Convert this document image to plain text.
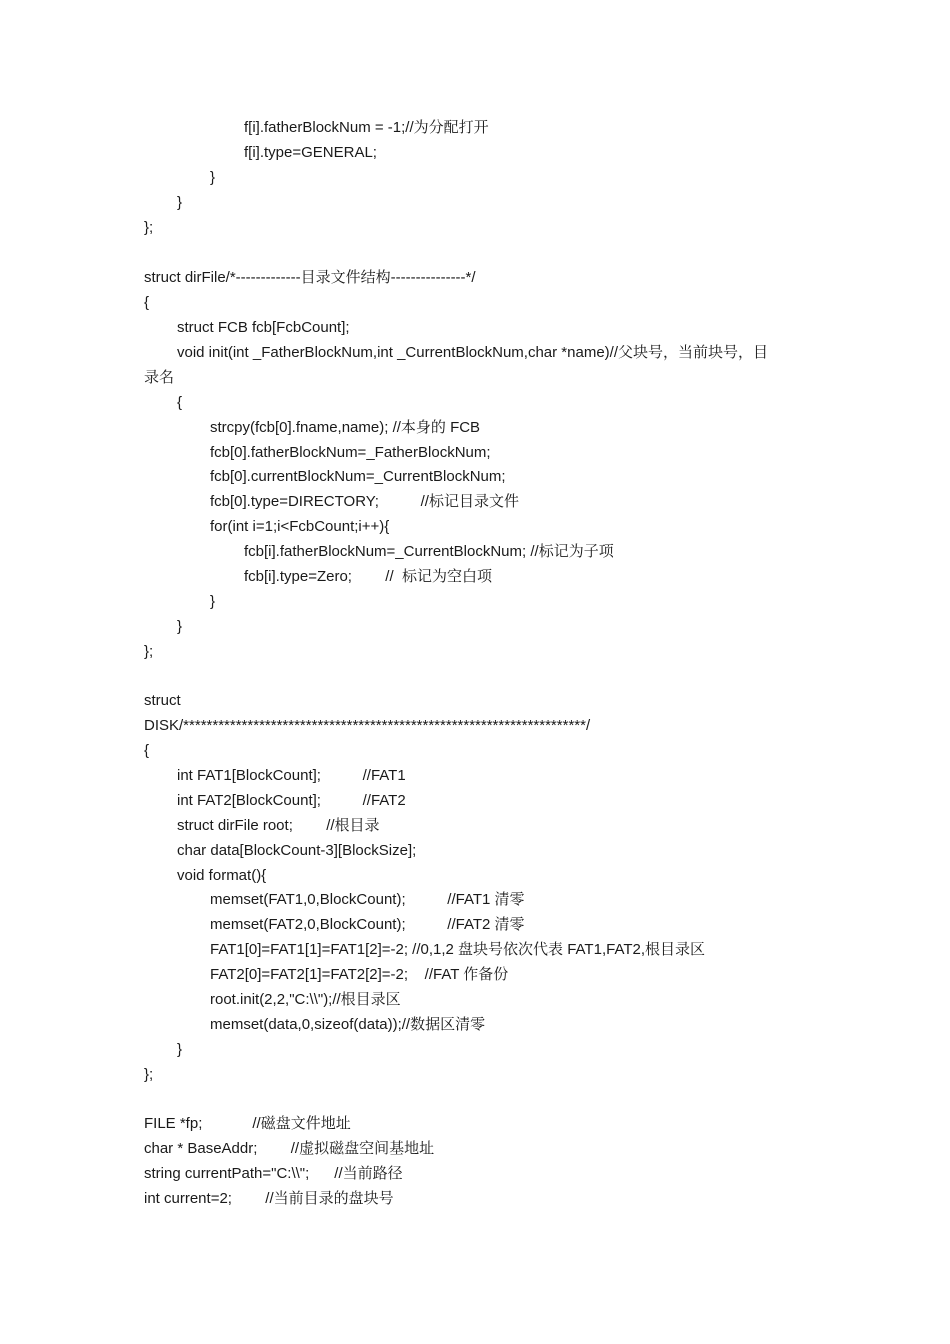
f[i].fatherBlockNum = -1;//为分配打开
f[i].type=GENERAL;
}
}
};
struct dirFile/*-------------目录文件结构---------------*/
{
struct FCB fcb[FcbCount];
void init(int _FatherBlockNum,int _CurrentBlockNum,char *name)//父块号，当前块号，目
录名
{
strcpy(fcb[0].fname,name); //本身的 FCB
fcb[0].fatherBlockNum=_FatherBlockNum;
fcb[0].currentBlockNum=_CurrentBlockNum;
fcb[0].type=DIRECTORY;          //标记目录文件
for(int i=1;i<FcbCount;i++){
fcb[i].fatherBlockNum=_CurrentBlockNum; //标记为子项
fcb[i].type=Zero;        //  标记为空白项
}
}
};
struct
DISK/*********************************************************************/
{
int FAT1[BlockCount];          //FAT1
int FAT2[BlockCount];          //FAT2
struct dirFile root;        //根目录
char data[BlockCount-3][BlockSize];
void format(){
memset(FAT1,0,BlockCount);          //FAT1 清零
memset(FAT2,0,BlockCount);          //FAT2 清零
FAT1[0]=FAT1[1]=FAT1[2]=-2; //0,1,2 盘块号依次代表 FAT1,FAT2,根目录区
FAT2[0]=FAT2[1]=FAT2[2]=-2;    //FAT 作备份
root.init(2,2,"C:\\");//根目录区
memset(data,0,sizeof(data));//数据区清零
}
};
FILE *fp;            //磁盘文件地址
char * BaseAddr;        //虚拟磁盘空间基地址
string currentPath="C:\\";      //当前路径
int current=2;        //当前目录的盘块号
